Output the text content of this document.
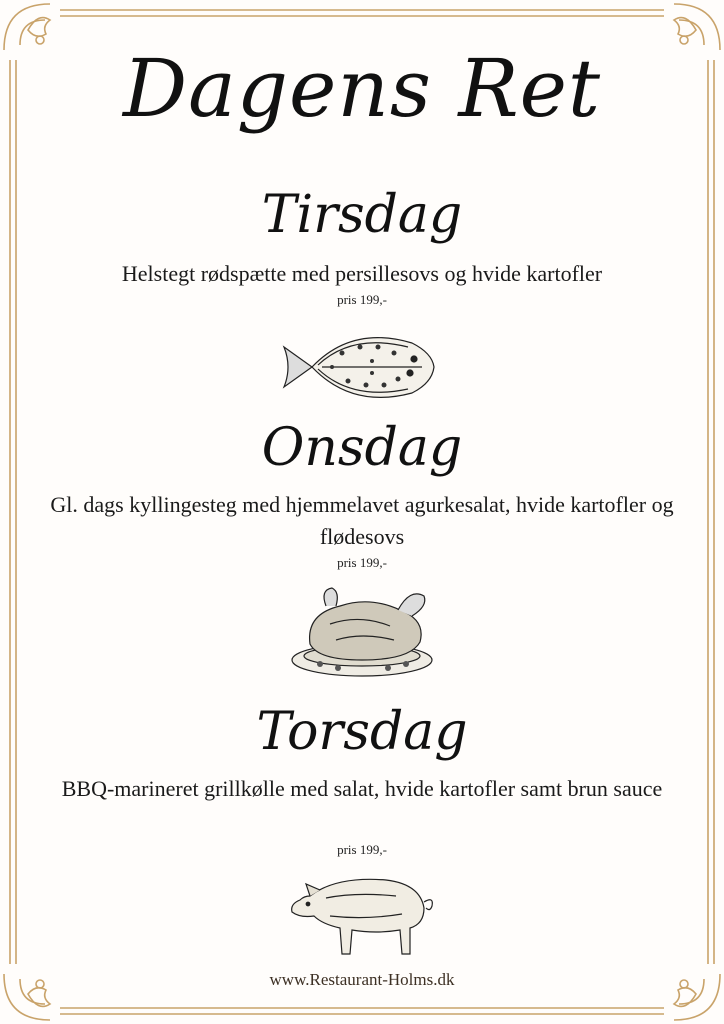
Dagens Ret
Tirsdag
Helstegt rødspætte med persillesovs og hvide kartofler
pris 199,-
Onsdag
Gl. dags kyllingesteg med hjemmelavet agurkesalat, hvide kartofler og flødesovs
pris 199,-
Torsdag
BBQ-marineret grillkølle med salat, hvide kartofler samt brun sauce
pris 199,-
www.Restaurant-Holms.dk
